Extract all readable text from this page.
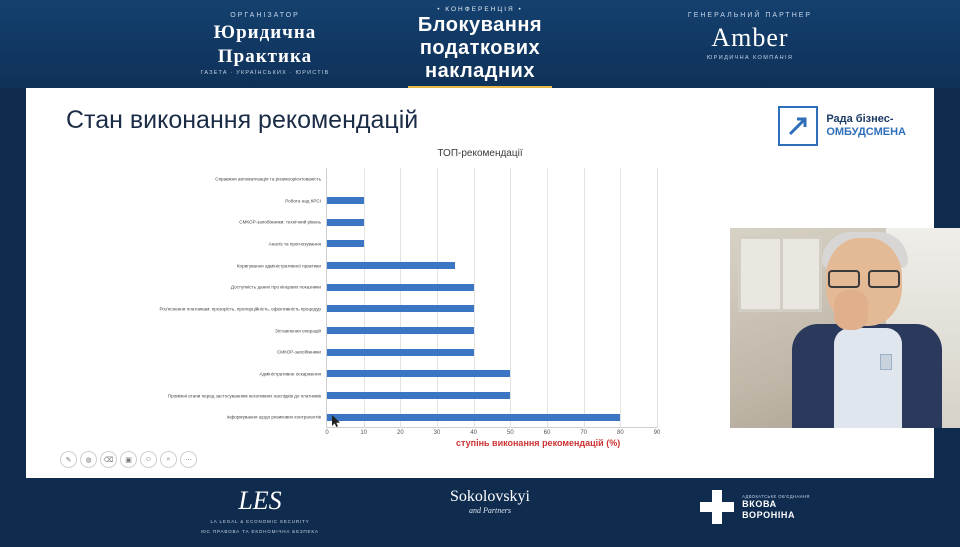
ОРГАНІЗАТОР
Юридична
Практика
ГАЗЕТА · УКРАЇНСЬКИХ · ЮРИСТІВ
• КОНФЕРЕНЦІЯ •
Блокування
податкових
накладних
ГЕНЕРАЛЬНИЙ ПАРТНЕР
Amber
ЮРИДИЧНА КОМПАНІЯ
Стан виконання рекомендацій	Рада бізнес-
ОМБУДСМЕНА
ТОП-рекомендації
0	10	20	30	40	50	60	70	80	90
Справжня автоматизація та ризикоорієнтованість
Робота над КРСІ
СМКОР-запобіжники: технічний рівень
Аналіз та прогнозування
Коригування адміністративної практики
Доступність даних про кінцевих показники
Роз'яснення платникам: прозорість, пропорційність, ефективність процедур
Зіставлення операцій
СМКОР-запобіжники
Адміністративне оскарження
Проміжні етапи перед застосуванням негативних наслідків до платників
Інформування щодо ризикових контрагентів
ступінь виконання рекомендацій (%)
✎	◍	⌫	▣	☺	⌕	⋯
LES
LA LEGAL & ECONOMIC SECURITY
ЮС ПРАВОВА ТА ЕКОНОМІЧНА БЕЗПЕКА
Sokolovskyi
and Partners
АДВОКАТСЬКЕ ОБ'ЄДНАННЯ
ВКОВА
ВОРОНІНА
